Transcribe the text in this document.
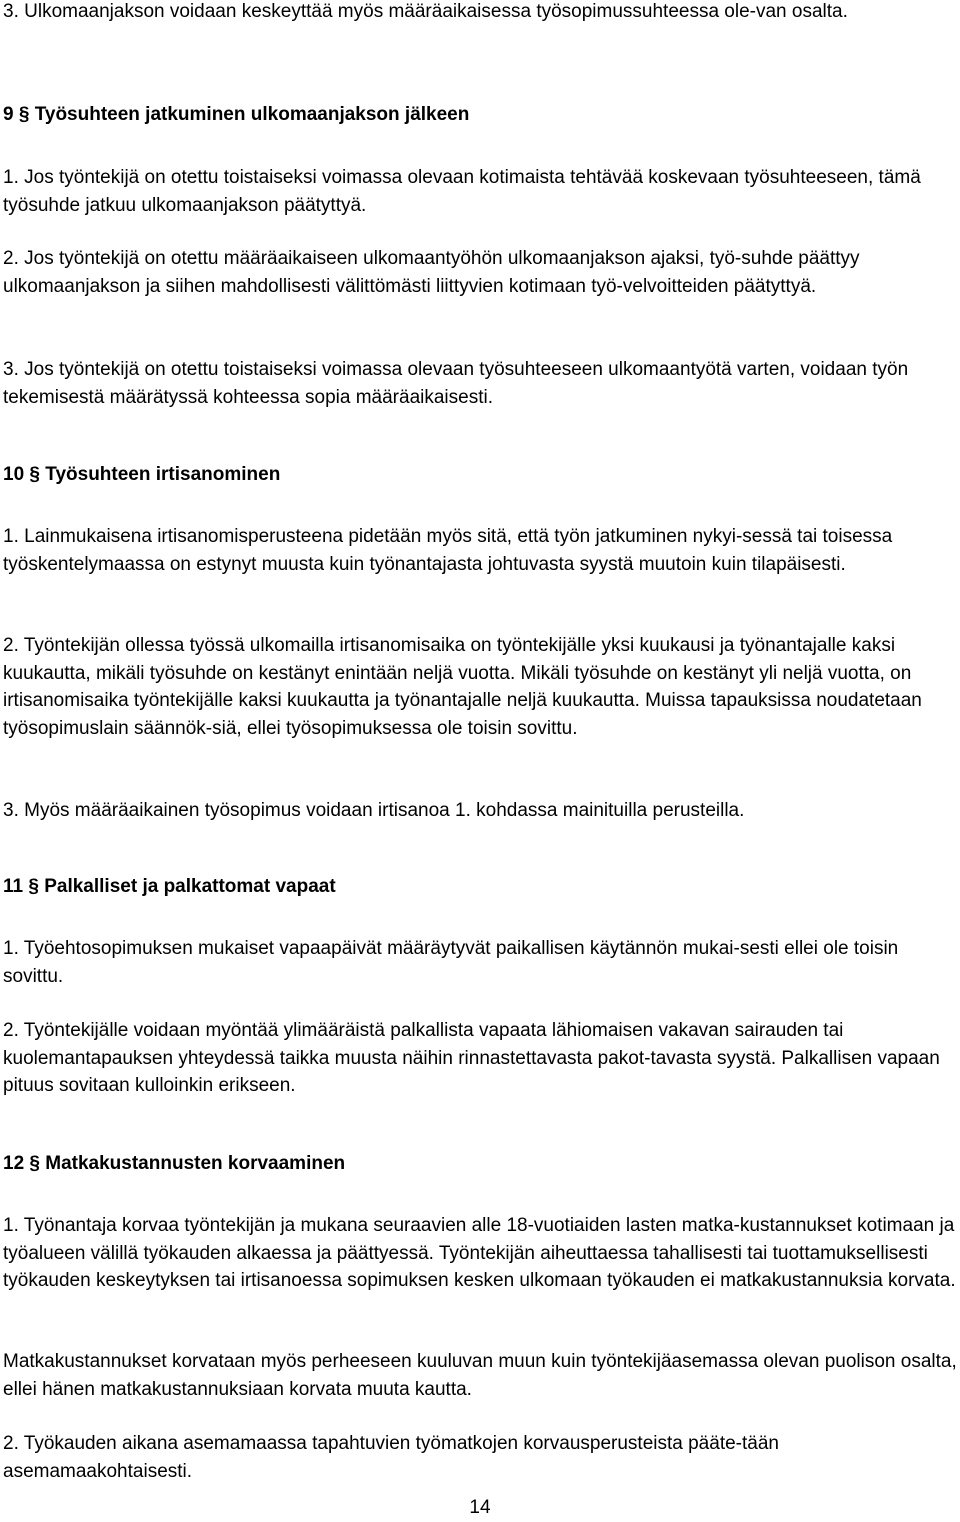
3. Ulkomaanjakson voidaan keskeyttää myös määräaikaisessa työsopimussuhteessa ole-van osalta.

9 § Työsuhteen jatkuminen ulkomaanjakson jälkeen

1. Jos työntekijä on otettu toistaiseksi voimassa olevaan kotimaista tehtävää koskevaan työsuhteeseen, tämä työsuhde jatkuu ulkomaanjakson päätyttyä.

2. Jos työntekijä on otettu määräaikaiseen ulkomaantyöhön ulkomaanjakson ajaksi, työ-suhde päättyy ulkomaanjakson ja siihen mahdollisesti välittömästi liittyvien kotimaan työ-velvoitteiden päätyttyä.

3. Jos työntekijä on otettu toistaiseksi voimassa olevaan työsuhteeseen ulkomaantyötä varten, voidaan työn tekemisestä määrätyssä kohteessa sopia määräaikaisesti.

10 § Työsuhteen irtisanominen

1. Lainmukaisena irtisanomisperusteena pidetään myös sitä, että työn jatkuminen nykyi-sessä tai toisessa työskentelymaassa on estynyt muusta kuin työnantajasta johtuvasta syystä muutoin kuin tilapäisesti.

2. Työntekijän ollessa työssä ulkomailla irtisanomisaika on työntekijälle yksi kuukausi ja työnantajalle kaksi kuukautta, mikäli työsuhde on kestänyt enintään neljä vuotta. Mikäli työsuhde on kestänyt yli neljä vuotta, on irtisanomisaika työntekijälle kaksi kuukautta ja työnantajalle neljä kuukautta. Muissa tapauksissa noudatetaan työsopimuslain säännök-siä, ellei työsopimuksessa ole toisin sovittu.

3. Myös määräaikainen työsopimus voidaan irtisanoa 1. kohdassa mainituilla perusteilla.

11 § Palkalliset ja palkattomat vapaat

1. Työehtosopimuksen mukaiset vapaapäivät määräytyvät paikallisen käytännön mukai-sesti ellei ole toisin sovittu.

2. Työntekijälle voidaan myöntää ylimääräistä palkallista vapaata lähiomaisen vakavan sairauden tai kuolemantapauksen yhteydessä taikka muusta näihin rinnastettavasta pakot-tavasta syystä. Palkallisen vapaan pituus sovitaan kulloinkin erikseen.

12 § Matkakustannusten korvaaminen

1. Työnantaja korvaa työntekijän ja mukana seuraavien alle 18-vuotiaiden lasten matka-kustannukset kotimaan ja työalueen välillä työkauden alkaessa ja päättyessä. Työntekijän aiheuttaessa tahallisesti tai tuottamuksellisesti työkauden keskeytyksen tai irtisanoessa sopimuksen kesken ulkomaan työkauden ei matkakustannuksia korvata.

Matkakustannukset korvataan myös perheeseen kuuluvan muun kuin työntekijäasemassa olevan puolison osalta, ellei hänen matkakustannuksiaan korvata muuta kautta.

2. Työkauden aikana asemamaassa tapahtuvien työmatkojen korvausperusteista pääte-tään asemamaakohtaisesti.

14
